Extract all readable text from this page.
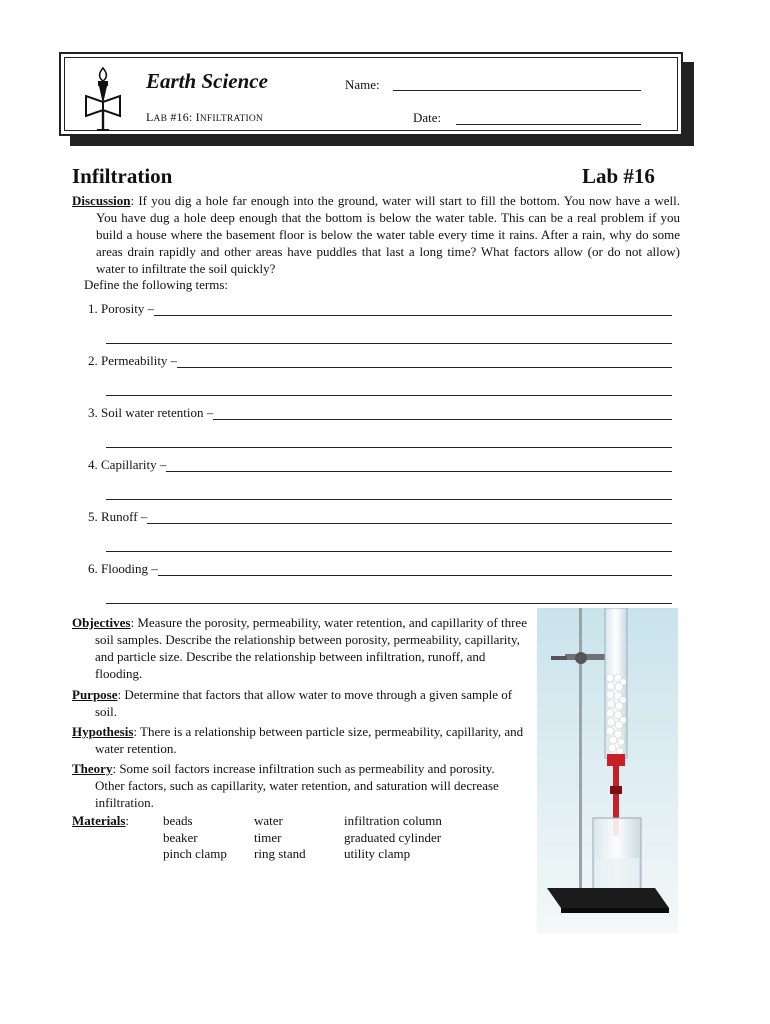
Earth Science
LAB #16: INFILTRATION
Name:
Date:
Infiltration	Lab #16
Discussion: If you dig a hole far enough into the ground, water will start to fill the bottom. You now have a well. You have dug a hole deep enough that the bottom is below the water table. This can be a real problem if you build a house where the basement floor is below the water table every time it rains. After a rain, why do some areas drain rapidly and other areas have puddles that last a long time? What factors allow (or do not allow) water to infiltrate the soil quickly?
Define the following terms:
1. Porosity –
2. Permeability –
3. Soil water retention –
4. Capillarity –
5. Runoff –
6. Flooding –
Objectives: Measure the porosity, permeability, water retention, and capillarity of three soil samples. Describe the relationship between porosity, permeability, capillarity, and particle size. Describe the relationship between infiltration, runoff, and flooding.
Purpose: Determine that factors that allow water to move through a given sample of soil.
Hypothesis: There is a relationship between particle size, permeability, capillarity, and water retention.
Theory: Some soil factors increase infiltration such as permeability and porosity. Other factors, such as capillarity, water retention, and saturation will decrease infiltration.
Materials:	beads
beaker
pinch clamp
water
timer
ring stand
infiltration column
graduated cylinder
utility clamp
